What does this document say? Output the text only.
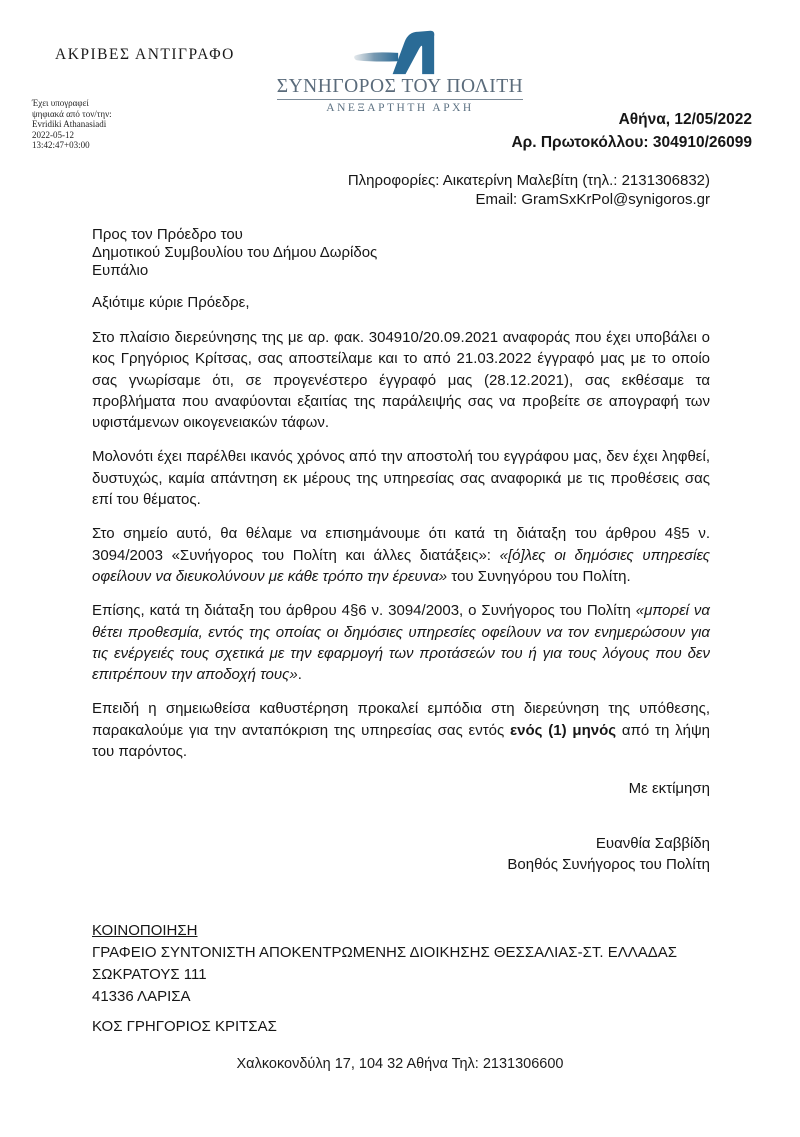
ΑΚΡΙΒΕΣ ΑΝΤΙΓΡΑΦΟ
Έχει υπογραφεί
ψηφιακά από τον/την:
Evridiki Athanasiadi
2022-05-12
13:42:47+03:00
ΣΥΝΗΓΟΡΟΣ ΤΟΥ ΠΟΛΙΤΗ
ΑΝΕΞΑΡΤΗΤΗ ΑΡΧΗ
Αθήνα, 12/05/2022
Αρ. Πρωτοκόλλου: 304910/26099
Πληροφορίες: Αικατερίνη Μαλεβίτη (τηλ.: 2131306832)
Email: GramSxKrPol@synigoros.gr
Προς τον Πρόεδρο του
Δημοτικού Συμβουλίου του Δήμου Δωρίδος
Ευπάλιο
Αξιότιμε κύριε Πρόεδρε,

Στο πλαίσιο διερεύνησης της με αρ. φακ. 304910/20.09.2021 αναφοράς που έχει υποβάλει ο κος Γρηγόριος Κρίτσας, σας αποστείλαμε και το από 21.03.2022 έγγραφό μας με το οποίο σας γνωρίσαμε ότι, σε προγενέστερο έγγραφό μας (28.12.2021), σας εκθέσαμε τα προβλήματα που αναφύονται εξαιτίας της παράλειψής σας να προβείτε σε απογραφή των υφιστάμενων οικογενειακών τάφων.

Μολονότι έχει παρέλθει ικανός χρόνος από την αποστολή του εγγράφου μας, δεν έχει ληφθεί, δυστυχώς, καμία απάντηση εκ μέρους της υπηρεσίας σας αναφορικά με τις προθέσεις σας επί του θέματος.

Στο σημείο αυτό, θα θέλαμε να επισημάνουμε ότι κατά τη διάταξη του άρθρου 4§5 ν. 3094/2003 «Συνήγορος του Πολίτη και άλλες διατάξεις»: «[ό]λες οι δημόσιες υπηρεσίες οφείλουν να διευκολύνουν με κάθε τρόπο την έρευνα» του Συνηγόρου του Πολίτη.

Επίσης, κατά τη διάταξη του άρθρου 4§6 ν. 3094/2003, ο Συνήγορος του Πολίτη «μπορεί να θέτει προθεσμία, εντός της οποίας οι δημόσιες υπηρεσίες οφείλουν να τον ενημερώσουν για τις ενέργειές τους σχετικά με την εφαρμογή των προτάσεών του ή για τους λόγους που δεν επιτρέπουν την αποδοχή τους».

Επειδή η σημειωθείσα καθυστέρηση προκαλεί εμπόδια στη διερεύνηση της υπόθεσης, παρακαλούμε για την ανταπόκριση της υπηρεσίας σας εντός ενός (1) μηνός από τη λήψη του παρόντος.

Με εκτίμηση
Ευανθία Σαββίδη
Βοηθός Συνήγορος του Πολίτη
ΚΟΙΝΟΠΟΙΗΣΗ
ΓΡΑΦΕΙΟ ΣΥΝΤΟΝΙΣΤΗ ΑΠΟΚΕΝΤΡΩΜΕΝΗΣ ΔΙΟΙΚΗΣΗΣ ΘΕΣΣΑΛΙΑΣ-ΣΤ. ΕΛΛΑΔΑΣ
ΣΩΚΡΑΤΟΥΣ 111
41336 ΛΑΡΙΣΑ
ΚΟΣ ΓΡΗΓΟΡΙΟΣ ΚΡΙΤΣΑΣ
Χαλκοκονδύλη 17, 104 32 Αθήνα Τηλ: 2131306600
